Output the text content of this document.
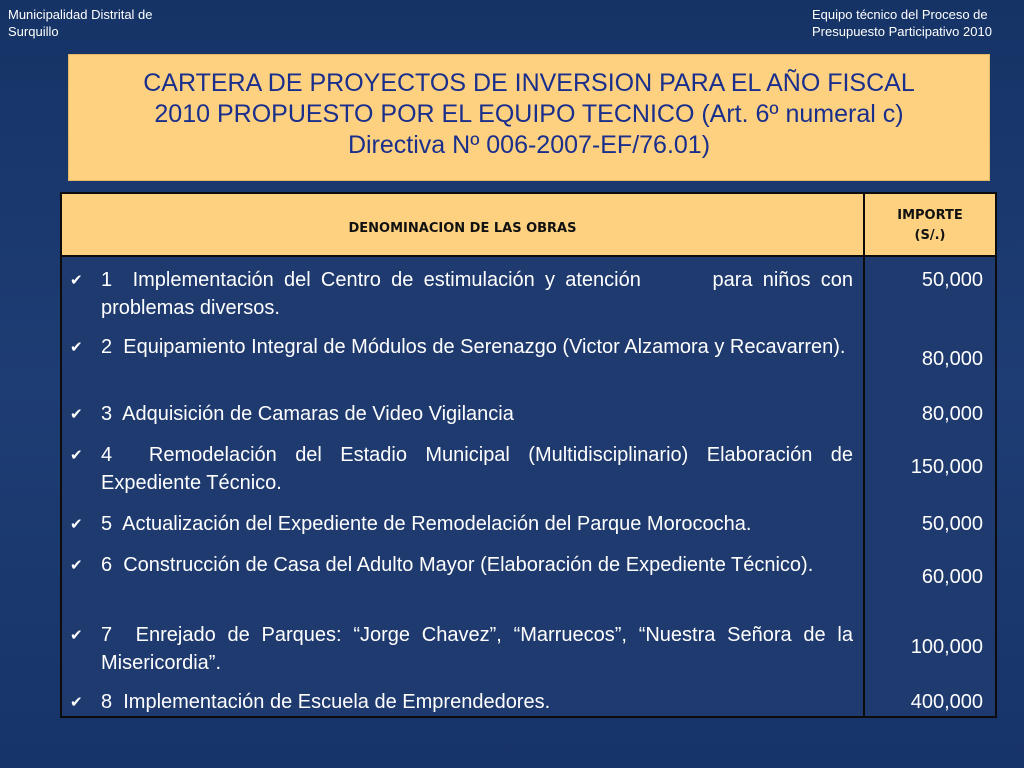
Municipalidad Distrital de
Surquillo
Equipo técnico del Proceso de
Presupuesto Participativo 2010
CARTERA DE PROYECTOS DE INVERSION PARA EL AÑO FISCAL
2010 PROPUESTO POR EL EQUIPO TECNICO (Art. 6º numeral c)
Directiva Nº 006-2007-EF/76.01)
DENOMINACION DE LAS OBRAS
IMPORTE
(S/.)
✔ 1  Implementación del Centro de estimulación y atención       para niños con problemas diversos.
50,000
✔ 2  Equipamiento Integral de Módulos de Serenazgo (Victor Alzamora y Recavarren).
80,000
✔ 3  Adquisición de Camaras de Video Vigilancia	80,000
✔ 4  Remodelación del Estadio Municipal (Multidisciplinario) Elaboración de Expediente Técnico.
150,000
✔ 5  Actualización del Expediente de Remodelación del Parque Morococha.	50,000
✔ 6  Construcción de Casa del Adulto Mayor (Elaboración de Expediente Técnico).
60,000
✔ 7  Enrejado de Parques: “Jorge Chavez”, “Marruecos”, “Nuestra Señora de la Misericordia”.
100,000
✔ 8  Implementación de Escuela de Emprendedores.	400,000
